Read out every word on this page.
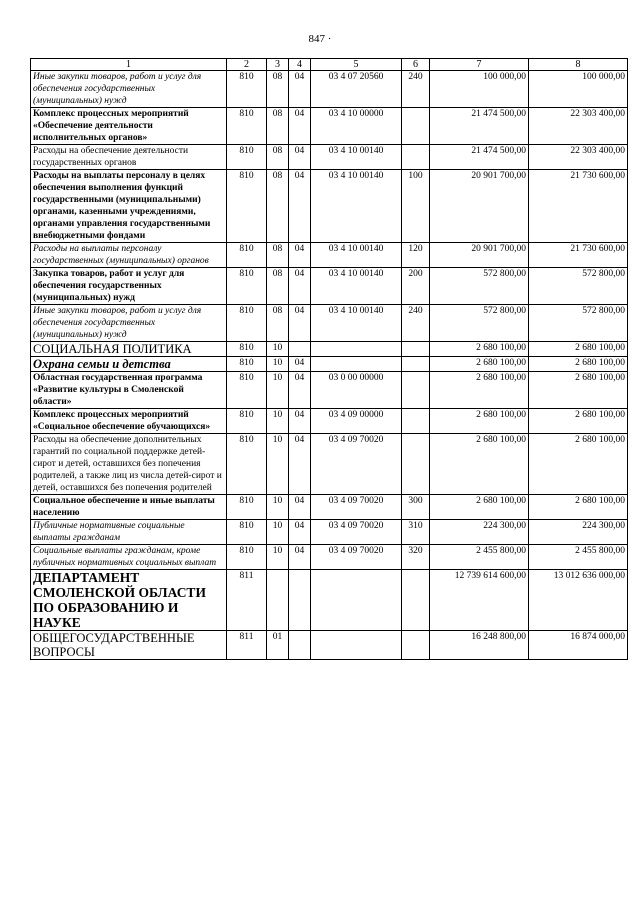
847 ·
1	2	3	4	5	6	7	8
Иные закупки товаров, работ и услуг для обеспечения государственных (муниципальных) нужд	810	08	04	03 4 07 20560	240	100 000,00	100 000,00
Комплекс процессных мероприятий «Обеспечение деятельности исполнительных органов»	810	08	04	03 4 10 00000		21 474 500,00	22 303 400,00
Расходы на обеспечение деятельности государственных органов	810	08	04	03 4 10 00140		21 474 500,00	22 303 400,00
Расходы на выплаты персоналу в целях обеспечения выполнения функций государственными (муниципальными) органами, казенными учреждениями, органами управления государственными внебюджетными фондами	810	08	04	03 4 10 00140	100	20 901 700,00	21 730 600,00
Расходы на выплаты персоналу государственных (муниципальных) органов	810	08	04	03 4 10 00140	120	20 901 700,00	21 730 600,00
Закупка товаров, работ и услуг для обеспечения государственных (муниципальных) нужд	810	08	04	03 4 10 00140	200	572 800,00	572 800,00
Иные закупки товаров, работ и услуг для обеспечения государственных (муниципальных) нужд	810	08	04	03 4 10 00140	240	572 800,00	572 800,00
СОЦИАЛЬНАЯ ПОЛИТИКА	810	10				2 680 100,00	2 680 100,00
Охрана семьи и детства	810	10	04			2 680 100,00	2 680 100,00
Областная государственная программа «Развитие культуры в Смоленской области»	810	10	04	03 0 00 00000		2 680 100,00	2 680 100,00
Комплекс процессных мероприятий «Социальное обеспечение обучающихся»	810	10	04	03 4 09 00000		2 680 100,00	2 680 100,00
Расходы на обеспечение дополнительных гарантий по социальной поддержке детей-сирот и детей, оставшихся без попечения родителей, а также лиц из числа детей-сирот и детей, оставшихся без попечения родителей	810	10	04	03 4 09 70020		2 680 100,00	2 680 100,00
Социальное обеспечение и иные выплаты населению	810	10	04	03 4 09 70020	300	2 680 100,00	2 680 100,00
Публичные нормативные социальные выплаты гражданам	810	10	04	03 4 09 70020	310	224 300,00	224 300,00
Социальные выплаты гражданам, кроме публичных нормативных социальных выплат	810	10	04	03 4 09 70020	320	2 455 800,00	2 455 800,00
ДЕПАРТАМЕНТ СМОЛЕНСКОЙ ОБЛАСТИ ПО ОБРАЗОВАНИЮ И НАУКЕ	811					12 739 614 600,00	13 012 636 000,00
ОБЩЕГОСУДАРСТВЕННЫЕ ВОПРОСЫ	811	01				16 248 800,00	16 874 000,00
